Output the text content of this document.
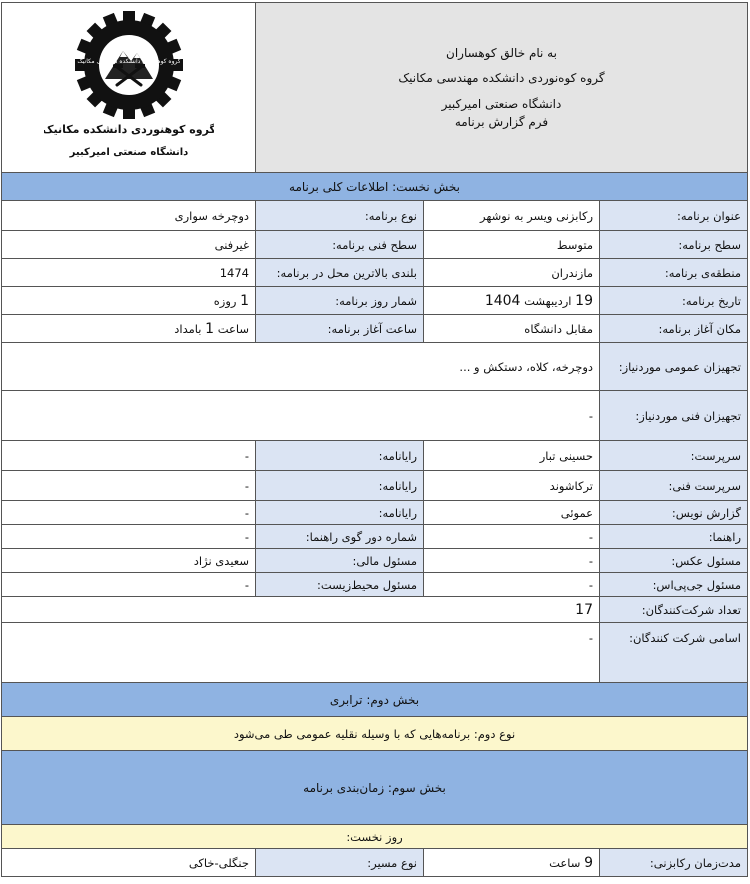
به نام خالق کوهساران
گروه کوه‌نوردی دانشکده مهندسی مکانیک
دانشگاه صنعتی امیرکبیر
فرم گزارش برنامه			گروه کوهنوردی دانشکده مهندسی مکانیک
گروه کوهنوردی دانشکده مکانیک
دانشگاه صنعتی امیرکبیر

بخش نخست: اطلاعات کلی برنامه			
عنوان برنامه:	رکابزنی ویسر به نوشهر	نوع برنامه:	دوچرخه سواری
سطح برنامه:	متوسط	سطح فنی برنامه:	غیرفنی
منطقه‌ی برنامه:	مازندران	بلندی بالاترین محل در برنامه:	1474
تاریخ برنامه:	19 اردیبهشت 1404	شمار روز برنامه:	1 روزه
مکان آغاز برنامه:	مقابل دانشگاه	ساعت آغاز برنامه:	ساعت 1 بامداد
تجهیزان عمومی موردنیاز:	دوچرخه، کلاه، دستکش و ...		
تجهیزان فنی موردنیاز:	-		
سرپرست:	حسینی تبار	رایانامه:	-
سرپرست فنی:	ترکاشوند	رایانامه:	-
گزارش نویس:	عموئی	رایانامه:	-
راهنما:	-	شماره دور گوی راهنما:	-
مسئول عکس:	-	مسئول مالی:	سعیدی نژاد
مسئول جی‌پی‌اس:	-	مسئول محیط‌زیست:	-
تعداد شرکت‌کنندگان:	17		
اسامی شرکت کنندگان:	-		
بخش دوم: ترابری			
نوع دوم: برنامه‌هایی که با وسیله نقلیه عمومی طی می‌شود			
بخش سوم: زمان‌بندی برنامه			
روز نخست:			
مدت‌زمان رکابزنی:	9 ساعت	نوع مسیر:	جنگلی-خاکی
